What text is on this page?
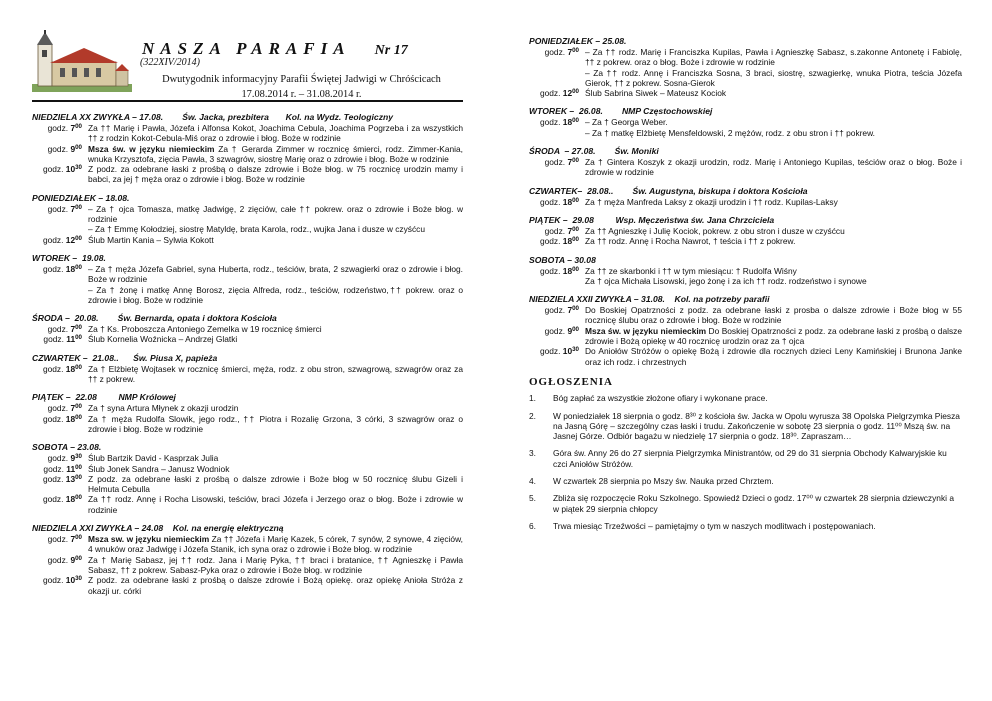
NASZA PARAFIA Nr 17 (322XIV/2014)
Dwutygodnik informacyjny Parafii Świętej Jadwigi w Chróścicach
17.08.2014 r. – 31.08.2014 r.
NIEDZIELA XX ZWYKŁA – 17.08.        Św. Jacka, prezbitera       Kol. na Wydz. Teologiczny
godz. $7^{00}$ Za †† Marię i Pawła, Józefa i Alfonsa Kokot, Joachima Cebula, Joachima Pogrzeba i za wszystkich †† z rodzin Kokot-Cebula-Miś oraz o zdrowie i błog. Boże w rodzinie
godz. $9^{00}$ Msza św. w języku niemieckim Za † Gerarda Zimmer w rocznicę śmierci, rodz. Zimmer-Kania, wnuka Krzysztofa, zięcia Pawła, 3 szwagrów, siostrę Marię oraz o zdrowie i błog. Boże w rodzinie
godz. $10^{30}$ Z podz. za odebrane łaski z prośbą o dalsze zdrowie i Boże błog. w 75 rocznicę urodzin mamy i babci, za jej † męża oraz o zdrowie i błog. Boże w rodzinie
PONIEDZIAŁEK – 18.08.
godz. $7^{00}$ – Za † ojca Tomasza, matkę Jadwigę, 2 zięciów, całe †† pokrew. oraz o zdrowie i Boże błog. w rodzinie
– Za † Emmę Kołodziej, siostrę Matyldę, brata Karola, rodz., wujka Jana i dusze w czyśćcu
godz. $12^{00}$ Ślub Martin Kania – Sylwia Kokott
WTOREK –  19.08.
godz. $18^{00}$ – Za † męża Józefa Gabriel, syna Huberta, rodz., teściów, brata, 2 szwagierki oraz o zdrowie i błog. Boże w rodzinie
– Za † żonę i matkę Annę Borosz, zięcia Alfreda, rodz., teściów, rodzeństwo,†† pokrew. oraz o zdrowie i błog. Boże w rodzinie
ŚRODA –  20.08.        Św. Bernarda, opata i doktora Kościoła
godz. $7^{00}$ Za † Ks. Proboszcza Antoniego Zemelka w 19 rocznicę śmierci
godz. $11^{00}$ Ślub Kornelia Woźnicka – Andrzej Glatki
CZWARTEK –  21.08..      Św. Piusa X, papieża
godz. $18^{00}$ Za † Elżbietę Wojtasek w rocznicę śmierci, męża, rodz. z obu stron, szwagrową, szwagrów oraz za †† z pokrew.
PIĄTEK –  22.08         NMP Królowej
godz. $7^{00}$ Za † syna Artura Młynek z okazji urodzin
godz. $18^{00}$ Za † męża Rudolfa Slowik, jego rodz., †† Piotra i Rozalię Grzona, 3 córki, 3 szwagrów oraz o zdrowie i błog. Boże w rodzinie
SOBOTA – 23.08.
godz. $9^{30}$ Ślub Bartzik David - Kasprzak Julia
godz. $11^{00}$ Ślub Jonek Sandra – Janusz Wodniok
godz. $13^{00}$ Z podz. za odebrane łaski z prośbą o dalsze zdrowie i Boże błog w 50 rocznicę ślubu Gizeli i Helmuta Cebulla
godz. $18^{00}$ Za †† rodz. Annę i Rocha Lisowski, teściów, braci Józefa i Jerzego oraz o błog. Boże i zdrowie w rodzinie
NIEDZIELA XXI ZWYKŁA – 24.08    Kol. na energię elektryczną
godz. $7^{00}$ Msza sw. w języku niemieckim Za †† Józefa i Marię Kazek, 5 córek, 7 synów, 2 synowe, 4 zięciów, 4 wnuków oraz Jadwigę i Józefa Stanik, ich syna oraz o zdrowie i Boże błog. w rodzinie
godz. $9^{00}$ Za † Marię Sabasz, jej †† rodz. Jana i Marię Pyka, †† braci i bratanice, †† Agnieszkę i Pawła Sabasz, †† z pokrew. Sabasz-Pyka oraz o zdrowie i Boże błog. w rodzinie
godz. $10^{30}$ Z podz. za odebrane łaski z prośbą o dalsze zdrowie i Bożą opiekę. oraz opiekę Anioła Stróża z okazji ur. córki
PONIEDZIAŁEK – 25.08.
godz. $7^{00}$ – Za †† rodz. Marię i Franciszka Kupilas, Pawła i Agnieszkę Sabasz, s.zakonne Antonetę i Fabiolę, †† z pokrew. oraz o błog. Boże i zdrowie w rodzinie
– Za †† rodz. Annę i Franciszka Sosna, 3 braci, siostrę, szwagierkę, wnuka Piotra, teścia Józefa Gierok, †† z pokrew. Sosna-Gierok
godz. $12^{00}$ Ślub Sabrina Siwek – Mateusz Kociok
WTOREK –  26.08.        NMP Częstochowskiej
godz. $18^{00}$ – Za † Georga Weber.
– Za † matkę Elżbietę Mensfeldowski, 2 mężów, rodz. z obu stron i †† pokrew.
ŚRODA  – 27.08.        Św. Moniki
godz. $7^{00}$ Za † Gintera Koszyk z okazji urodzin, rodz. Marię i Antoniego Kupilas, teściów oraz o błog. Boże i zdrowie w rodzinie
CZWARTEK–  28.08..        Św. Augustyna, biskupa i doktora Kościoła
godz. $18^{00}$ Za † męża Manfreda Laksy z okazji urodzin i †† rodz. Kupilas-Laksy
PIĄTEK –  29.08         Wsp. Męczeństwa św. Jana Chrzciciela
godz. $7^{00}$ Za †† Agnieszkę i Julię Kociok, pokrew. z obu stron i dusze w czyśćcu
godz. $18^{00}$ Za †† rodz. Annę i Rocha Nawrot, † teścia i †† z pokrew.
SOBOTA – 30.08
godz. $18^{00}$ Za †† ze skarbonki i †† w tym miesiącu: † Rudolfa Wiśny
Za † ojca Michała Lisowski, jego żonę i za ich †† rodz. rodzeństwo i synowe
NIEDZIELA XXII ZWYKŁA – 31.08.    Kol. na potrzeby parafii
godz. $7^{00}$ Do Boskiej Opatrzności z podz. za odebrane łaski z prosba o dalsze zdrowie i Boże błog w 55 rocznicę ślubu oraz o zdrowie i błog. Boże w rodzinie
godz. $9^{00}$ Msza św. w języku niemieckim Do Boskiej Opatrzności z podz. za odebrane łaski z prośbą o dalsze zdrowie i Bożą opiekę w 40 rocznicę urodzin oraz za † ojca
godz. $10^{30}$ Do Aniołów Stróżów o opiekę Bożą i zdrowie dla rocznych dzieci Leny Kamińskiej i Brunona Janke oraz ich rodz. i chrzestnych
OGŁOSZENIA
1.	Bóg zapłać za wszystkie złożone ofiary i wykonane prace.
2.	W poniedziałek 18 sierpnia o godz. 8³⁰ z kościoła św. Jacka w Opolu wyrusza 38 Opolska Pielgrzymka Piesza na Jasną Górę – szczególny czas łaski i trudu. Zakończenie w sobotę 23 sierpnia o godz. 11⁰⁰ Mszą św. na Jasnej Górze. Odbiór bagażu w niedzielę 17 sierpnia o godz. 18³⁰. Zapraszam…
3.	Góra św. Anny 26 do 27 sierpnia Pielgrzymka Ministrantów, od 29 do 31 sierpnia Obchody Kalwaryjskie ku czci Aniołów Stróżów.
4.	W czwartek 28 sierpnia po Mszy św. Nauka przed Chrztem.
5.	Zbliża się rozpoczęcie Roku Szkolnego. Spowiedź Dzieci o godz. 17⁰⁰ w czwartek 28 sierpnia dziewczynki a w piątek 29 sierpnia chłopcy
6.	Trwa miesiąc Trzeźwości – pamiętajmy o tym w naszych modlitwach i postępowaniach.
